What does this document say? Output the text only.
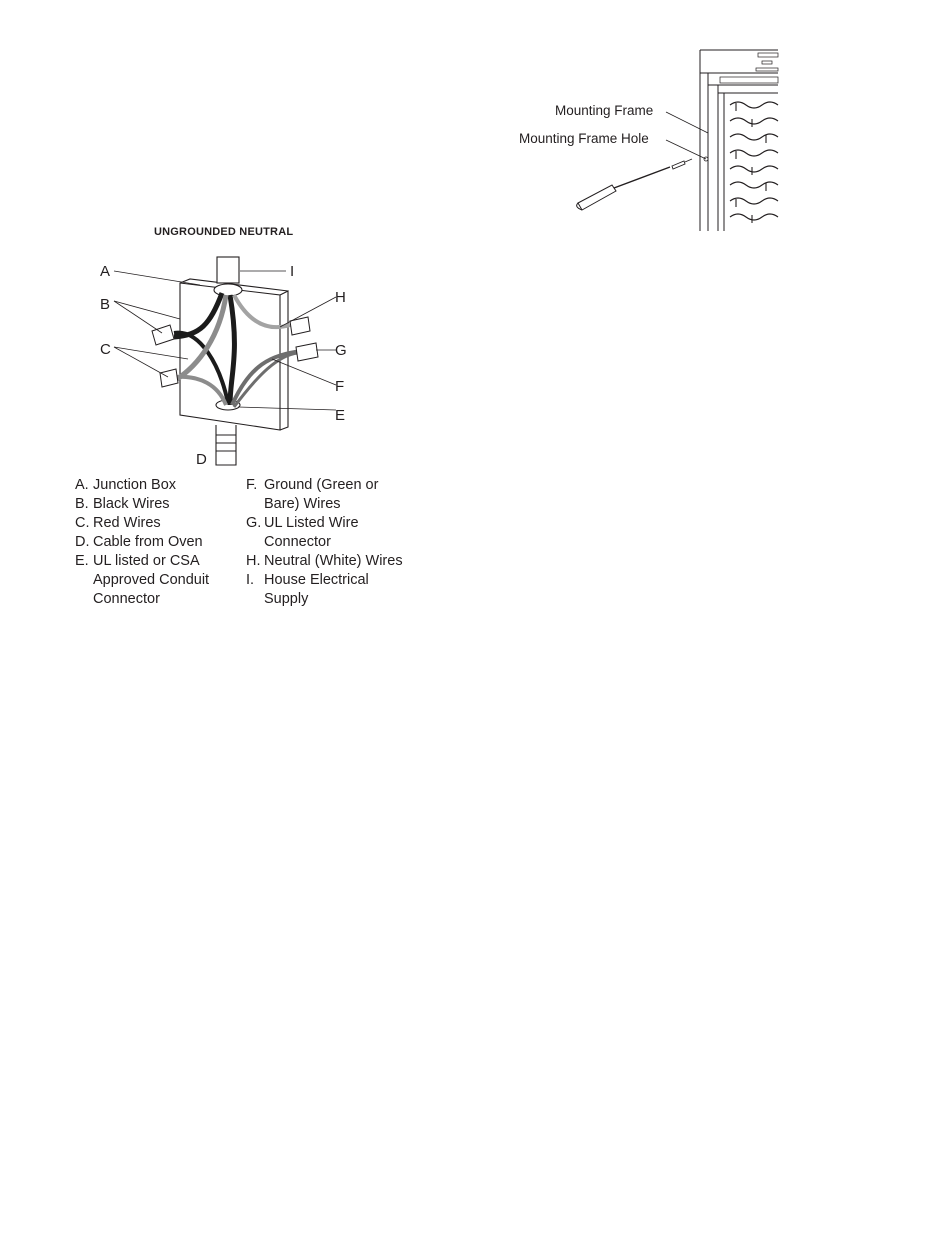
Mounting Frame
Mounting Frame Hole
UNGROUNDED NEUTRAL
A
B
C
D
E
F
G
H
I
A. Junction Box
B. Black Wires
C. Red Wires
D. Cable from Oven
E. UL listed or CSA
Approved Conduit
Connector
F. Ground (Green or
Bare) Wires
G. UL Listed Wire
Connector
H. Neutral (White) Wires
I. House Electrical
Supply
